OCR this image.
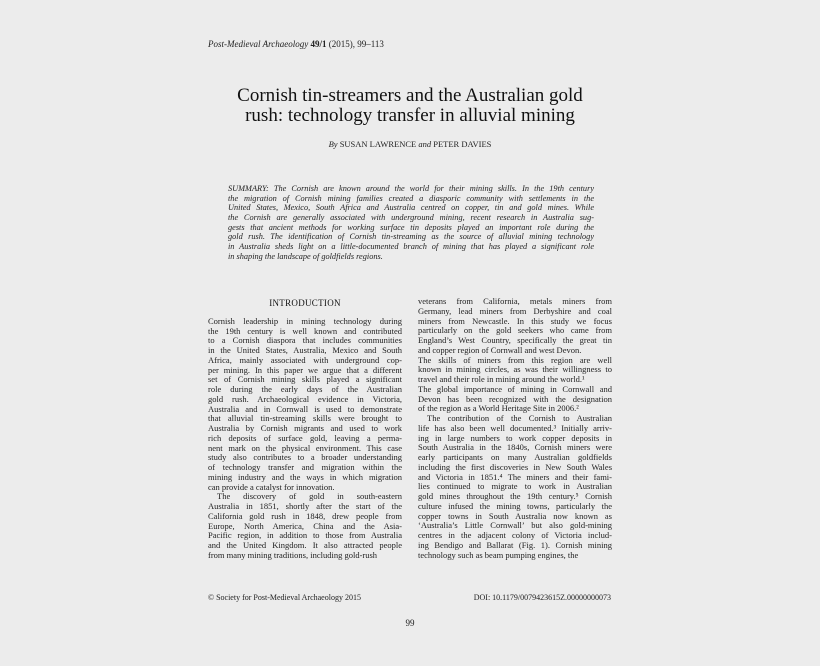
Post-Medieval Archaeology 49/1 (2015), 99–113
Cornish tin-streamers and the Australian gold
rush: technology transfer in alluvial mining
By SUSAN LAWRENCE and PETER DAVIES
SUMMARY: The Cornish are known around the world for their mining skills. In the 19th century
the migration of Cornish mining families created a diasporic community with settlements in the
United States, Mexico, South Africa and Australia centred on copper, tin and gold mines. While
the Cornish are generally associated with underground mining, recent research in Australia sug-
gests that ancient methods for working surface tin deposits played an important role during the
gold rush. The identification of Cornish tin-streaming as the source of alluvial mining technology
in Australia sheds light on a little-documented branch of mining that has played a significant role
in shaping the landscape of goldfields regions.
INTRODUCTION
Cornish leadership in mining technology during
the 19th century is well known and contributed
to a Cornish diaspora that includes communities
in the United States, Australia, Mexico and South
Africa, mainly associated with underground cop-
per mining. In this paper we argue that a different
set of Cornish mining skills played a significant
role during the early days of the Australian
gold rush. Archaeological evidence in Victoria,
Australia and in Cornwall is used to demonstrate
that alluvial tin-streaming skills were brought to
Australia by Cornish migrants and used to work
rich deposits of surface gold, leaving a perma-
nent mark on the physical environment. This case
study also contributes to a broader understanding
of technology transfer and migration within the
mining industry and the ways in which migration
can provide a catalyst for innovation.
The discovery of gold in south-eastern
Australia in 1851, shortly after the start of the
California gold rush in 1848, drew people from
Europe, North America, China and the Asia-
Pacific region, in addition to those from Australia
and the United Kingdom. It also attracted people
from many mining traditions, including gold-rush
veterans from California, metals miners from
Germany, lead miners from Derbyshire and coal
miners from Newcastle. In this study we focus
particularly on the gold seekers who came from
England’s West Country, specifically the great tin
and copper region of Cornwall and west Devon.
The skills of miners from this region are well
known in mining circles, as was their willingness to
travel and their role in mining around the world.¹
The global importance of mining in Cornwall and
Devon has been recognized with the designation
of the region as a World Heritage Site in 2006.²
The contribution of the Cornish to Australian
life has also been well documented.³ Initially arriv-
ing in large numbers to work copper deposits in
South Australia in the 1840s, Cornish miners were
early participants on many Australian goldfields
including the first discoveries in New South Wales
and Victoria in 1851.⁴ The miners and their fami-
lies continued to migrate to work in Australian
gold mines throughout the 19th century.⁵ Cornish
culture infused the mining towns, particularly the
copper towns in South Australia now known as
‘Australia’s Little Cornwall’ but also gold-mining
centres in the adjacent colony of Victoria includ-
ing Bendigo and Ballarat (Fig. 1). Cornish mining
technology such as beam pumping engines, the
© Society for Post-Medieval Archaeology 2015	DOI: 10.1179/0079423615Z.00000000073
99
